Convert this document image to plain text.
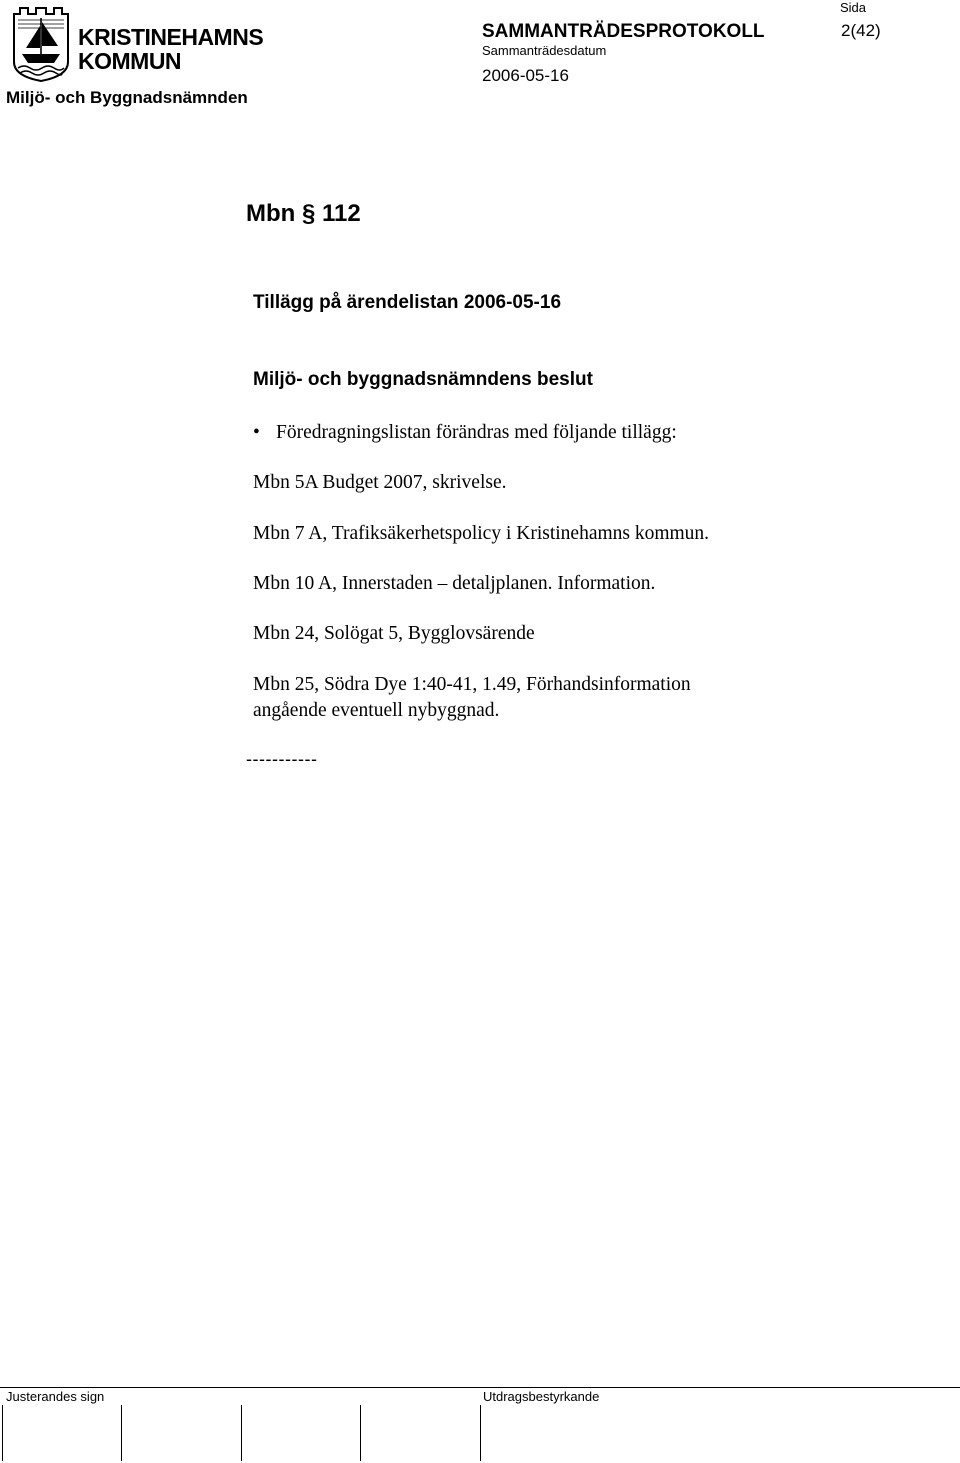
KRISTINEHAMNS
KOMMUN
Miljö- och Byggnadsnämnden
SAMMANTRÄDESPROTOKOLL
Sammanträdesdatum
2006-05-16
Sida
2(42)
Mbn § 112
Tillägg på ärendelistan 2006-05-16
Miljö- och byggnadsnämndens beslut
• Föredragningslistan förändras med följande tillägg:
Mbn 5A Budget 2007, skrivelse.
Mbn 7 A, Trafiksäkerhetspolicy i Kristinehamns kommun.
Mbn 10 A, Innerstaden – detaljplanen. Information.
Mbn 24, Solögat 5, Bygglovsärende
Mbn 25, Södra Dye 1:40-41, 1.49, Förhandsinformation
angående eventuell nybyggnad.
-----------
Justerandes sign	Utdragsbestyrkande
